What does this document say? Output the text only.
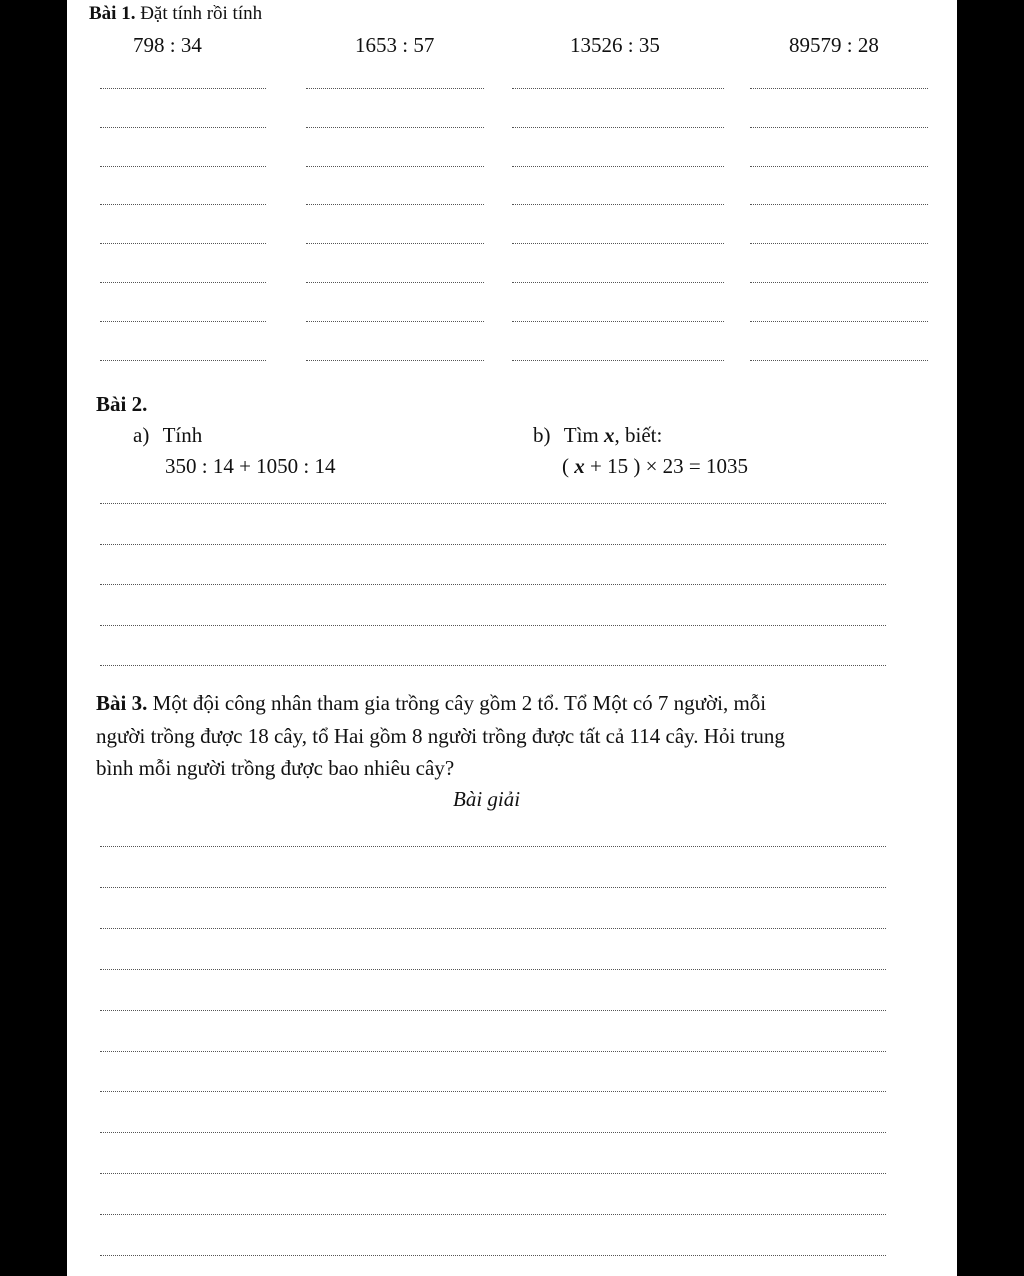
Bài 1. Đặt tính rồi tính
798 : 34	1653 : 57	13526 : 35	89579 : 28
Bài 2.
a) Tính
350 : 14 + 1050 : 14
b) Tìm x, biết:
( x + 15 ) × 23 = 1035
Bài 3. Một đội công nhân tham gia trồng cây gồm 2 tổ. Tổ Một có 7 người, mỗi
người trồng được 18 cây, tổ Hai gồm 8 người trồng được tất cả 114 cây. Hỏi trung
bình mỗi người trồng được bao nhiêu cây?
Bài giải
